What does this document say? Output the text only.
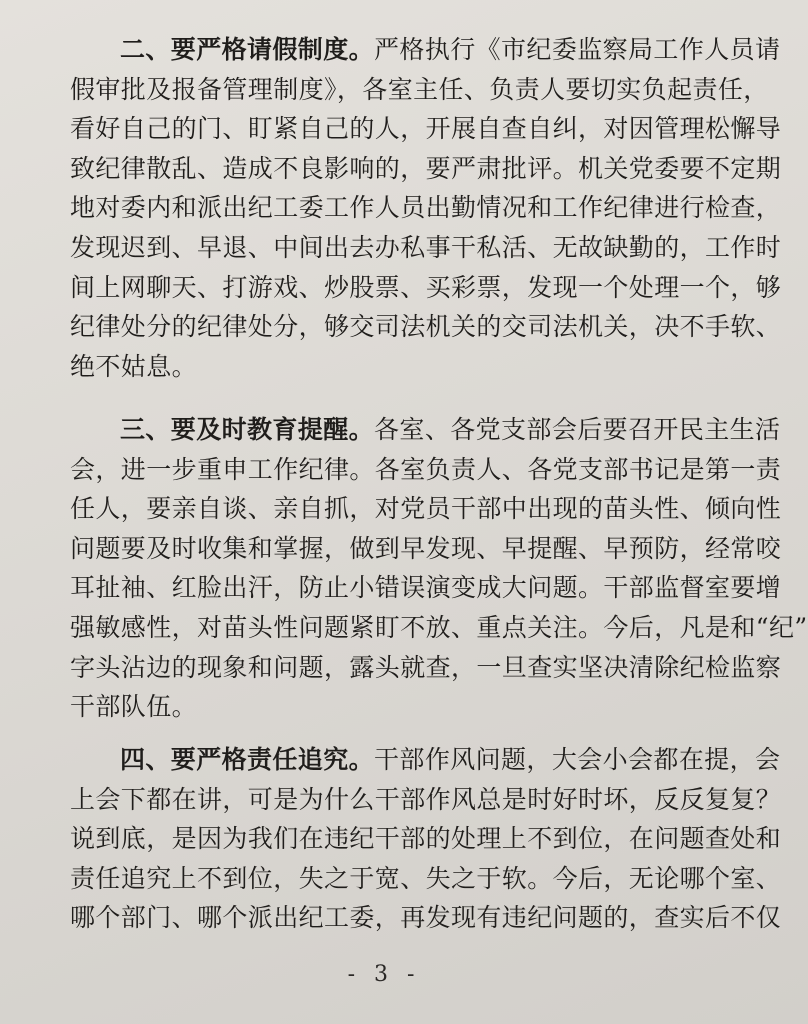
二、要严格请假制度。严格执行《市纪委监察局工作人员请
假审批及报备管理制度》，各室主任、负责人要切实负起责任，
看好自己的门、盯紧自己的人，开展自查自纠，对因管理松懈导
致纪律散乱、造成不良影响的，要严肃批评。机关党委要不定期
地对委内和派出纪工委工作人员出勤情况和工作纪律进行检查，
发现迟到、早退、中间出去办私事干私活、无故缺勤的，工作时
间上网聊天、打游戏、炒股票、买彩票，发现一个处理一个，够
纪律处分的纪律处分，够交司法机关的交司法机关，决不手软、
绝不姑息。
三、要及时教育提醒。各室、各党支部会后要召开民主生活
会，进一步重申工作纪律。各室负责人、各党支部书记是第一责
任人，要亲自谈、亲自抓，对党员干部中出现的苗头性、倾向性
问题要及时收集和掌握，做到早发现、早提醒、早预防，经常咬
耳扯袖、红脸出汗，防止小错误演变成大问题。干部监督室要增
强敏感性，对苗头性问题紧盯不放、重点关注。今后，凡是和“纪”
字头沾边的现象和问题，露头就查，一旦查实坚决清除纪检监察
干部队伍。
四、要严格责任追究。干部作风问题，大会小会都在提，会
上会下都在讲，可是为什么干部作风总是时好时坏，反反复复？
说到底，是因为我们在违纪干部的处理上不到位，在问题查处和
责任追究上不到位，失之于宽、失之于软。今后，无论哪个室、
哪个部门、哪个派出纪工委，再发现有违纪问题的，查实后不仅
- 3 -
